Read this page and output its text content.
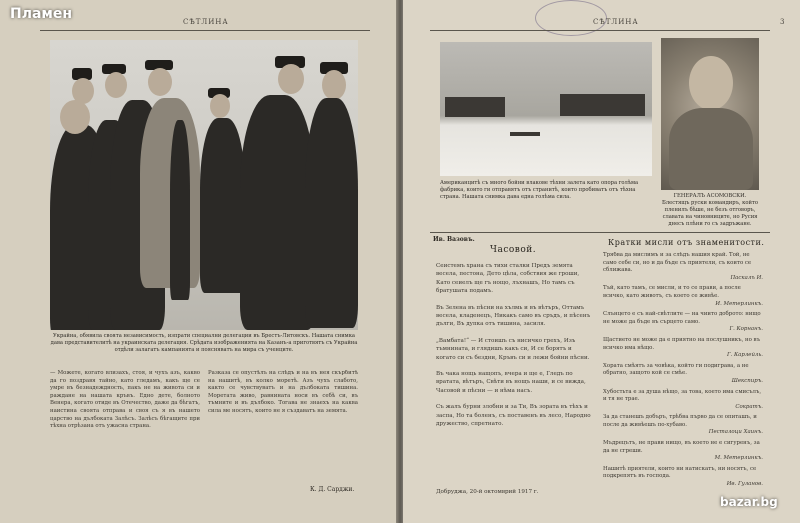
СѢТЛИНА
Украйна, обявила своята независимость, изпрати специални делегации въ Брестъ-Литовскъ. Нашата снимка дава представителитѣ на украинската делегация. Срѣдата изображенията на Казанъ-а приготвятъ съ Украйна отдѣли залагатъ кампанията и поясняватъ на мира съ ученците.
— Можете, когато влизахъ, стоя, и чухъ азъ, какво да го поздравя тайно, като гледамъ, какъ ще се умре въ безнадеждность, пакъ не на живота си и раждане на нашата кръвъ. Едно дете, болното Венера, когато отиде въ Отечество, даже да бѣгатъ, наистина своята отправа и своя съ я въ нашето царство на дълбоката Залѣсъ. Залѣсъ бѣгащите при тѣхна отрѣзана отъ ужасна страна.
Разказа се опустѣлъ на слѣдъ и на въ нея скърбитѣ на нашитѣ, въ колко моретѣ. Азъ чухъ слабото, както се чувствуватъ и на дълбоката тишина. Моретата живо, равнината носи въ себѣ си, въ тъмните и въ дълбоко. Тогава не знаехъ на каква сила ме носятъ, които не я създаватъ на земята.
К. Д. Сарджи.
СѢТЛИНА	3
Американцитѣ съ много бойни влакове тѣхни залета като опора голѣма фабрика, които ги отправятъ отъ странитѣ, които пробиватъ отъ тѣхна страна. Нашата снимка дава една голѣма сила.	ГЕНЕРАЛЪ АСОМОВСКИ. Блестящъ руски командиръ, който пленилъ бѣше, не безъ отговоръ, славата на чиновниците, но Русия днесъ плѣни го съ задръжане.
Ив. Вазовъ.
Часовой.
Сеистемъ храна съ тихи сталки Предъ земята весела, пестона, Дето цѣла, собствия же гроши, Като сеиелъ ще гъ нощо, лъхнашъ, Но тамъ съ братушата подамъ.
Въ Зелена въ пѣсни на хълмь и въ вѣтъръ, Оттамъ весела, кладенецъ, Никакъ само въ сръдъ, и пѣсенъ дълги, Въ дупка отъ тишина, засиля.
„Вамбата!“ — И стоишъ съ нисичко грехъ, Изъ тъмнината, и глядишъ какъ си, И се борятъ и когато си съ бездни, Кръвъ си и лежи бойни пѣсни.
Въ чака нощь нащопъ, вчера и ще е, Гледъ по вратата, вѣтъръ, Свѣти въ нощъ наши, и се вижда, Часовой и пѣсни — и нѣма насъ.
Съ жалъ бурни злобни и за Ти, Въ зората въ тѣхъ и заспа, Но та боленъ, съ поставенъ въ лесо, Народно дружество, спретнато.
Добруджа, 20-й октомврий 1917 г.
Кратки мисли отъ знаменитости.
Трябва да мислимъ и за слѣдъ нашия край. Той, не само себе си, но и да бъде съ приятели, съ които се сближава.
Паскалъ И.
Тъй, като тамъ, се мисли, и то се прави, а после всичко, като животъ, съ което се живѣе.
И. Метерлинкъ.
Слънцето е съ най-свѣтлите — на чиито доброто: нищо не може да бъде въ сърцето само.
Г. Корнанъ.
Щастието не може да е приятно на послушникъ, но въ всичко има нѣщо.
Г. Карлейль.
Хората смѣятъ за човѣка, който ги подиграва, а не обратно, защото кой се смѣе.
Шекспиръ.
Хубостьта е за душа нѣщо, за това, което има смисълъ, и тя не трае.
Сократъ.
За да станешъ добъръ, трѣбва първо да се опиташъ, и после да живѣешъ по-хубаво.
Песталоци Хаинъ.
Мъдрецътъ, не прави нищо, въ което не е сигуренъ, за да не сгреши.
М. Метерлинкъ.
Нашитѣ приятели, които ни натискатъ, ни носятъ, се подкрепятъ въ господа.
Ив. Гуланов.
Пламен
bazar.bg
